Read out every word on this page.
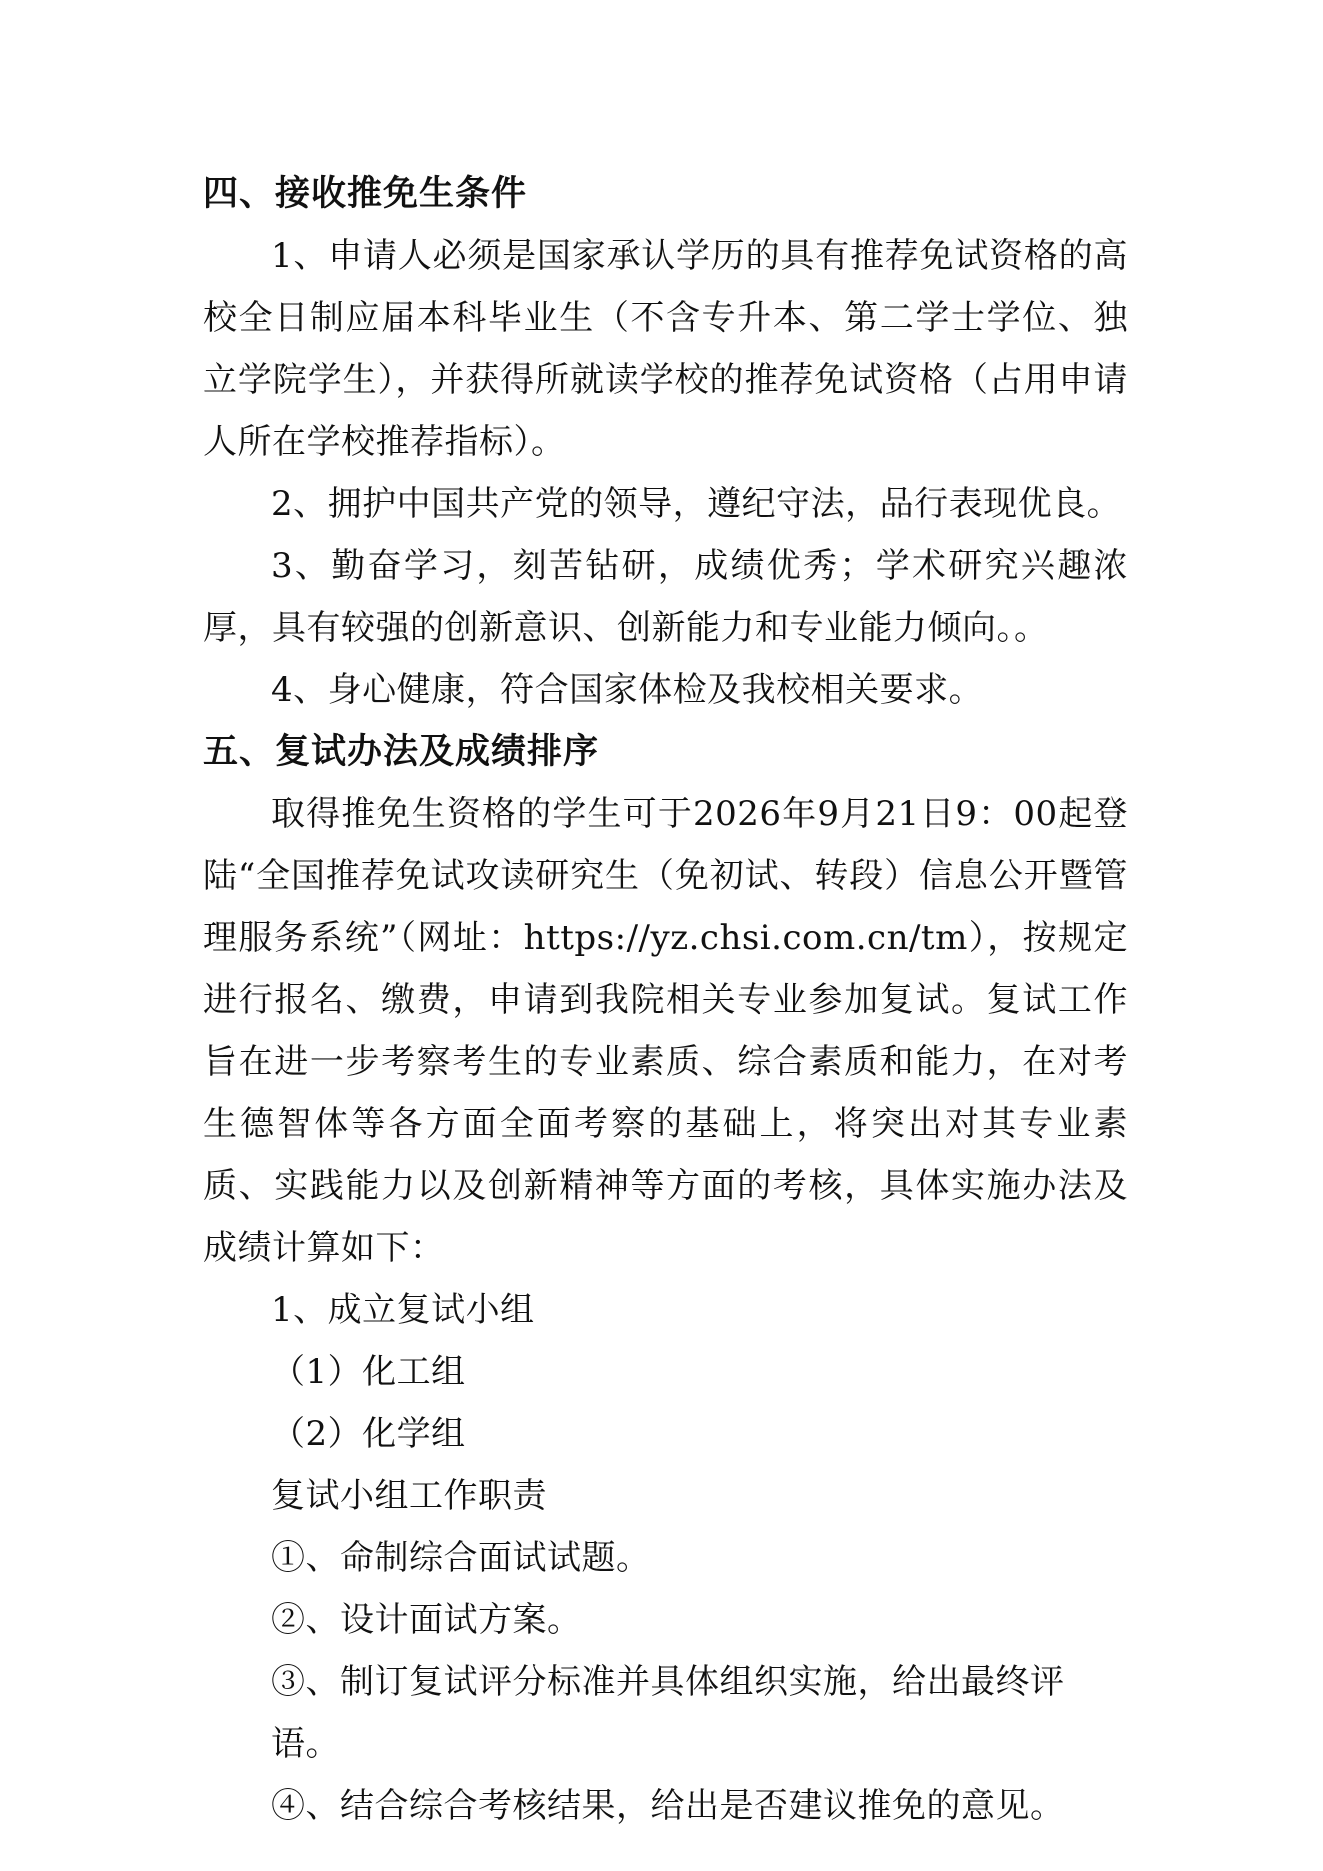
四、接收推免生条件

1、申请人必须是国家承认学历的具有推荐免试资格的高校全日制应届本科毕业生（不含专升本、第二学士学位、独立学院学生），并获得所就读学校的推荐免试资格（占用申请人所在学校推荐指标）。

2、拥护中国共产党的领导，遵纪守法，品行表现优良。

3、勤奋学习，刻苦钻研，成绩优秀；学术研究兴趣浓厚，具有较强的创新意识、创新能力和专业能力倾向。。

4、身心健康，符合国家体检及我校相关要求。

五、复试办法及成绩排序

取得推免生资格的学生可于2026年9月21日9：00起登陆“全国推荐免试攻读研究生（免初试、转段）信息公开暨管理服务系统”（网址：https://yz.chsi.com.cn/tm），按规定进行报名、缴费，申请到我院相关专业参加复试。复试工作旨在进一步考察考生的专业素质、综合素质和能力，在对考生德智体等各方面全面考察的基础上，将突出对其专业素质、实践能力以及创新精神等方面的考核，具体实施办法及成绩计算如下：

1、成立复试小组

（1）化工组

（2）化学组

复试小组工作职责

①、命制综合面试试题。

②、设计面试方案。

③、制订复试评分标准并具体组织实施，给出最终评语。

④、结合综合考核结果，给出是否建议推免的意见。
